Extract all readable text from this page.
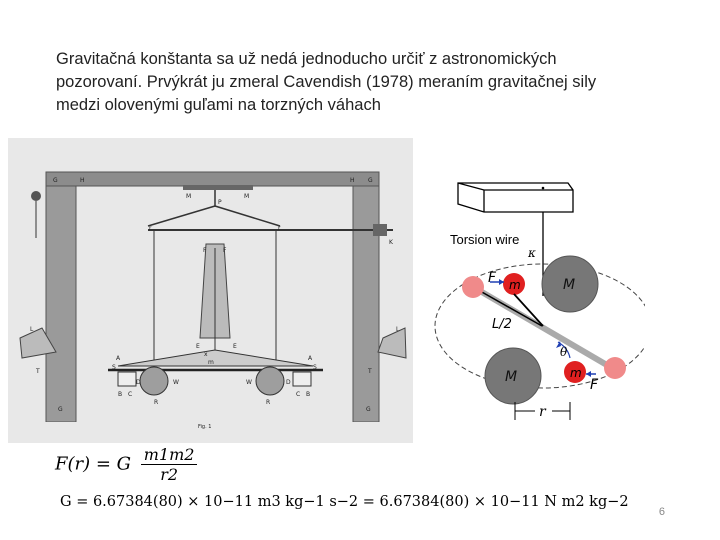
Gravitačná konštanta sa už nedá jednoducho určiť z astronomických
pozorovaní. Prvýkrát ju zmeral Cavendish (1978) meraním gravitačnej sily
medzi olovenými guľami na torzných váhach
G	H	H G
M	M
P
F	F
K
L	L
S	S
E	E
W	W
R	R
B C	C B
T	T
G	G
A	A
x
m
D	D
r	r
Fig. 1
Torsion wire
κ
M
M
m
m
F
F
L/2
θ
r
F(r) = G $\frac{m1m2}{r2}$
G = 6.67384(80) × 10−11 m3 kg−1 s−2 = 6.67384(80) × 10−11 N m2 kg−2
6
